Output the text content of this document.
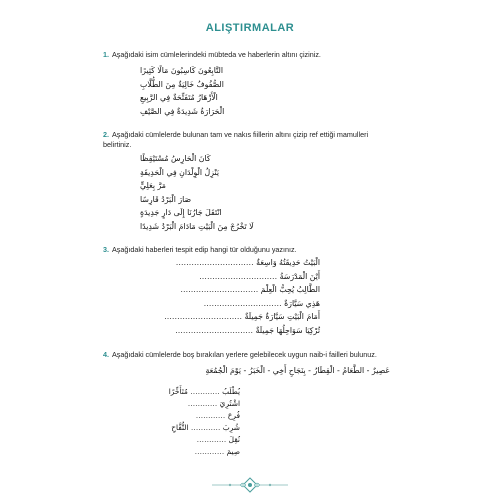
ALIŞTIRMALAR
1. Aşağıdaki isim cümlelerindeki mübteda ve haberlerin altını çiziniz.
التَّابِعُونَ كَاسِبُونَ مَالًا كَثِيرًا
الصُّفُوفُ خَالِيَةٌ مِنَ الطُّلَّابِ
الْأَزْهَارُ مُتَفَتِّحَةٌ فِي الرَّبِيعِ
الْحَرَارَةُ شَدِيدَةٌ فِي الصَّيْفِ
2. Aşağıdaki cümlelerde bulunan tam ve nakıs fiillerin altını çizip ref ettiği mamulleri belirtiniz.
كَانَ الْحَارِسُ مُسْتَيْقِظًا
يَنْزِلُ الْوِلْدَانِ فِي الْحَدِيقَةِ
مَرَّ بِعَلِيٍّ
صَارَ الْبَرْدُ قَارِسًا
انْتَقَلَ جَارُنَا إِلَى دَارٍ جَدِيدَةٍ
لَا تَخْرُجْ مِنَ الْبَيْتِ مَادَامَ الْبَرْدُ شَدِيدًا
3. Aşağıdaki haberleri tespit edip hangi tür olduğunu yazınız.
الْبَيْتُ حَدِيقَتُهُ وَاسِعَةٌ …………………………
أَيْنَ الْمَدْرَسَةُ …………………………
الطَّالِبُ يُحِبُّ الْعِلْمَ …………………………
هَذِي سَيَّارَةٌ …………………………
أَمَامَ الْبَيْتِ سَيَّارَةٌ جَمِيلَةٌ …………………………
تُرْكِيَا سَوَاحِلُهَا جَمِيلَةٌ …………………………
4. Aşağıdaki cümlelerde boş bırakılan yerlere gelebilecek uygun naib-i failleri bulunuz.
عَصِيرٌ - الطَّعَامُ - الْقِطَارُ - بِنَجَاحِ أَخِي - الْخَبَرُ - يَوْمَ الْجُمُعَةِ
يُطْلَبُ ………… مُتَأَخِّرًا
اشْتُرِيَ …………
فُرِحَ …………
شُرِبَ ………… التُّفَّاحِ
نُقِلَ …………
صِيمَ …………
